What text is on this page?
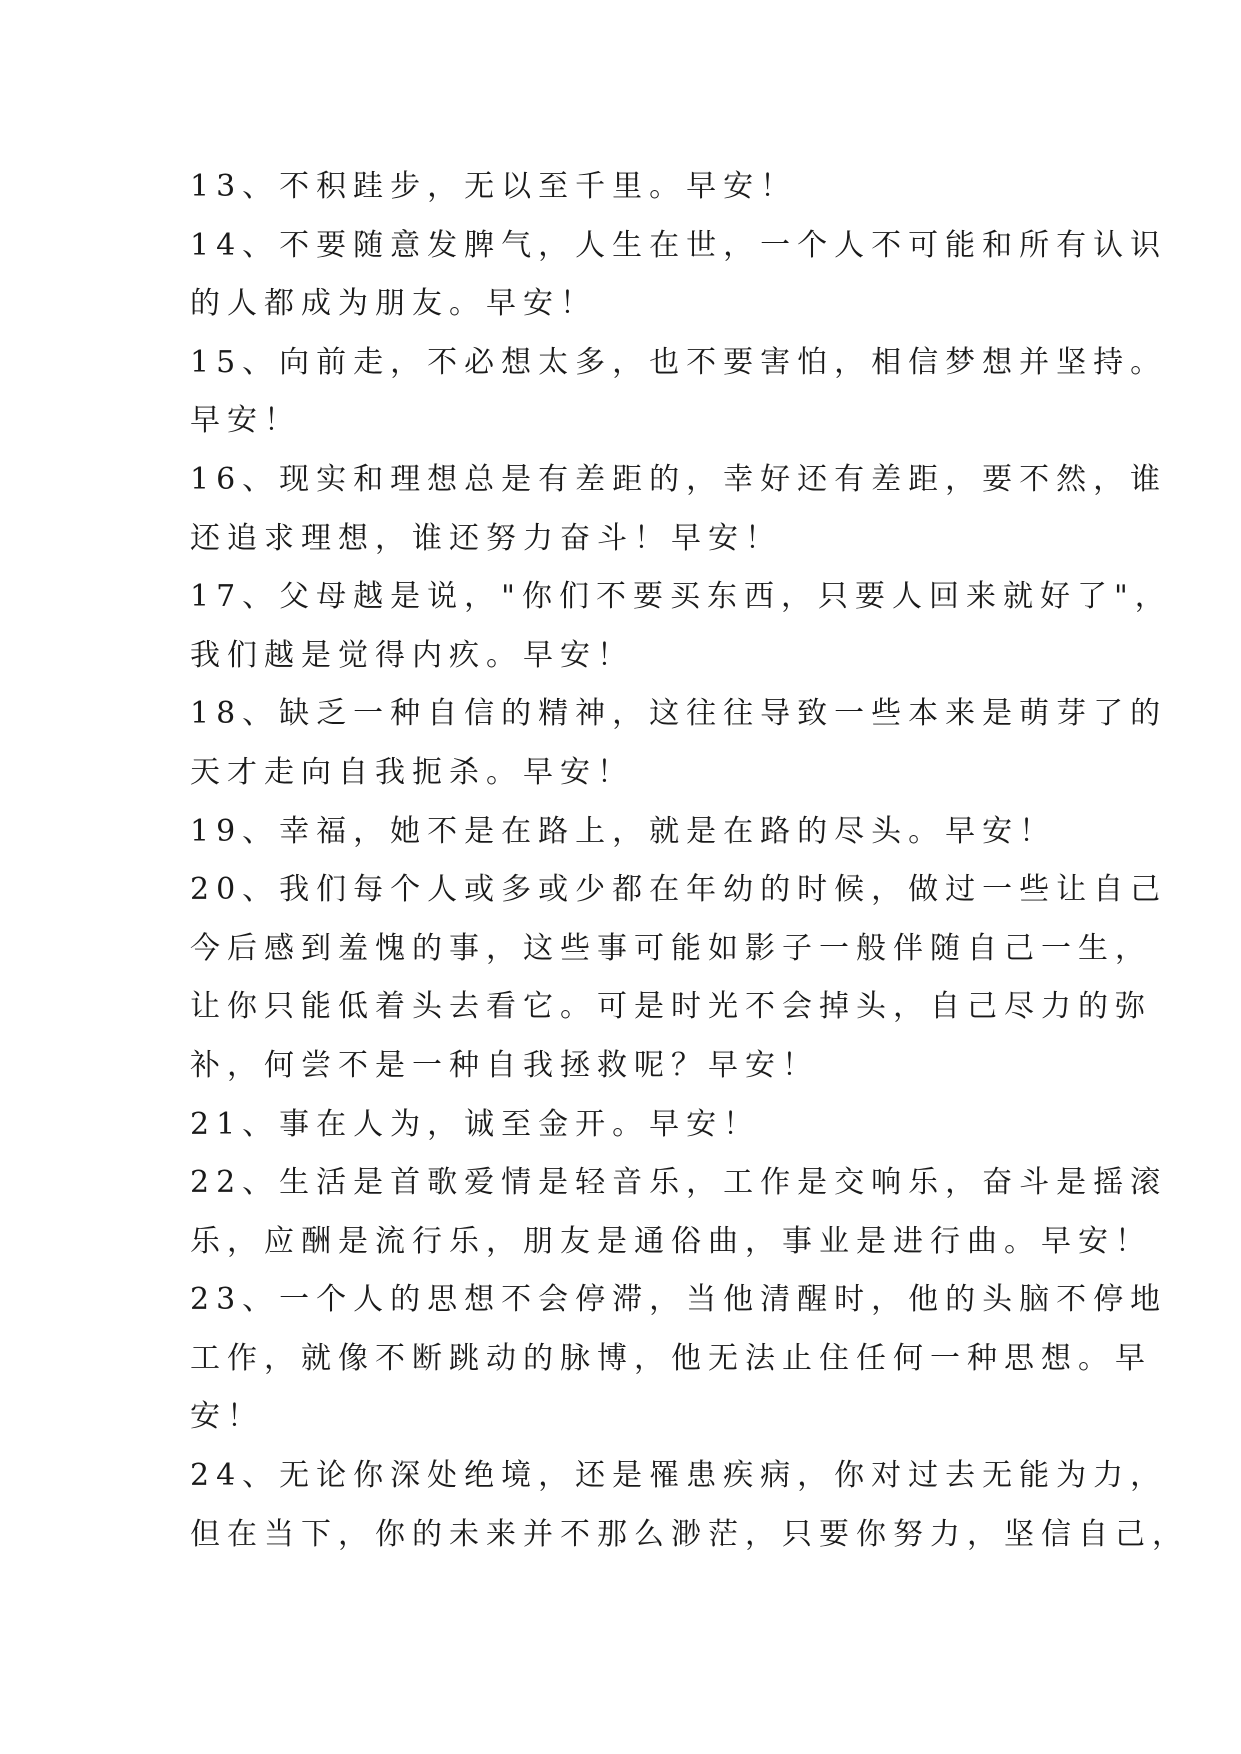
13、不积跬步，无以至千里。早安！
14、不要随意发脾气，人生在世，一个人不可能和所有认识
的人都成为朋友。早安！
15、向前走，不必想太多，也不要害怕，相信梦想并坚持。
早安！
16、现实和理想总是有差距的，幸好还有差距，要不然，谁
还追求理想，谁还努力奋斗！早安！
17、父母越是说，"你们不要买东西，只要人回来就好了"，
我们越是觉得内疚。早安！
18、缺乏一种自信的精神，这往往导致一些本来是萌芽了的
天才走向自我扼杀。早安！
19、幸福，她不是在路上，就是在路的尽头。早安！
20、我们每个人或多或少都在年幼的时候，做过一些让自己
今后感到羞愧的事，这些事可能如影子一般伴随自己一生，
让你只能低着头去看它。可是时光不会掉头，自己尽力的弥
补，何尝不是一种自我拯救呢？早安！
21、事在人为，诚至金开。早安！
22、生活是首歌爱情是轻音乐，工作是交响乐，奋斗是摇滚
乐，应酬是流行乐，朋友是通俗曲，事业是进行曲。早安！
23、一个人的思想不会停滞，当他清醒时，他的头脑不停地
工作，就像不断跳动的脉博，他无法止住任何一种思想。早
安！
24、无论你深处绝境，还是罹患疾病，你对过去无能为力，
但在当下，你的未来并不那么渺茫，只要你努力，坚信自己，
